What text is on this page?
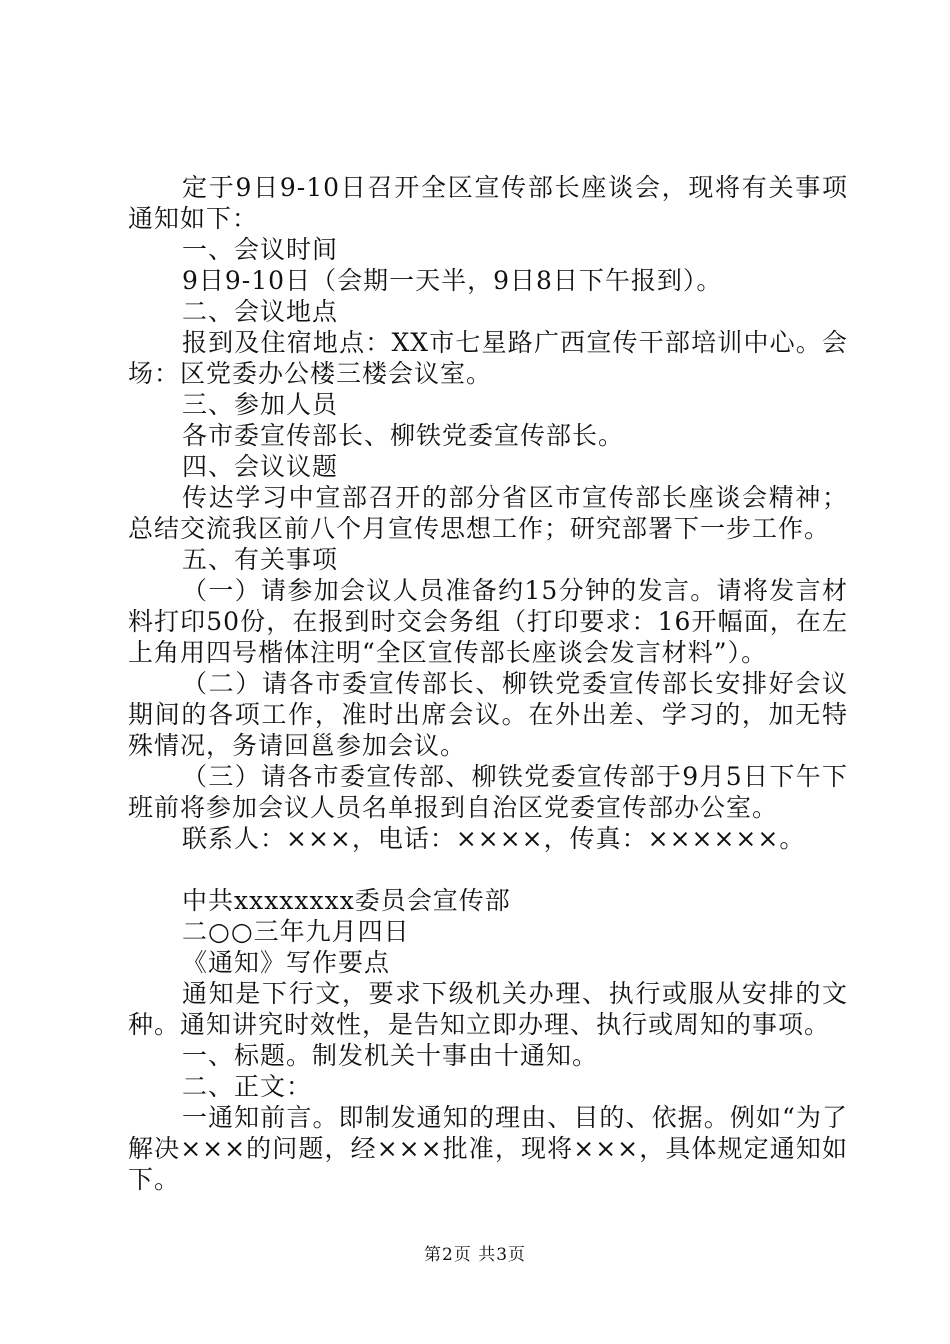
定于9日9-10日召开全区宣传部长座谈会，现将有关事项通知如下：

一、会议时间

9日9-10日（会期一天半，9日8日下午报到）。

二、会议地点

报到及住宿地点：XX市七星路广西宣传干部培训中心。会场：区党委办公楼三楼会议室。

三、参加人员

各市委宣传部长、柳铁党委宣传部长。

四、会议议题

传达学习中宣部召开的部分省区市宣传部长座谈会精神；总结交流我区前八个月宣传思想工作；研究部署下一步工作。

五、有关事项

（一）请参加会议人员准备约15分钟的发言。请将发言材料打印50份，在报到时交会务组（打印要求：16开幅面，在左上角用四号楷体注明“全区宣传部长座谈会发言材料”）。

（二）请各市委宣传部长、柳铁党委宣传部长安排好会议期间的各项工作，准时出席会议。在外出差、学习的，加无特殊情况，务请回邕参加会议。

（三）请各市委宣传部、柳铁党委宣传部于9月5日下午下班前将参加会议人员名单报到自治区党委宣传部办公室。

联系人：×××，电话：××××，传真：××××××。

中共xxxxxxxx委员会宣传部

二○○三年九月四日

《通知》写作要点

通知是下行文，要求下级机关办理、执行或服从安排的文种。通知讲究时效性，是告知立即办理、执行或周知的事项。

一、标题。制发机关十事由十通知。

二、正文：

一通知前言。即制发通知的理由、目的、依据。例如“为了解决×××的问题，经×××批准，现将×××，具体规定通知如下。

第2页 共3页
